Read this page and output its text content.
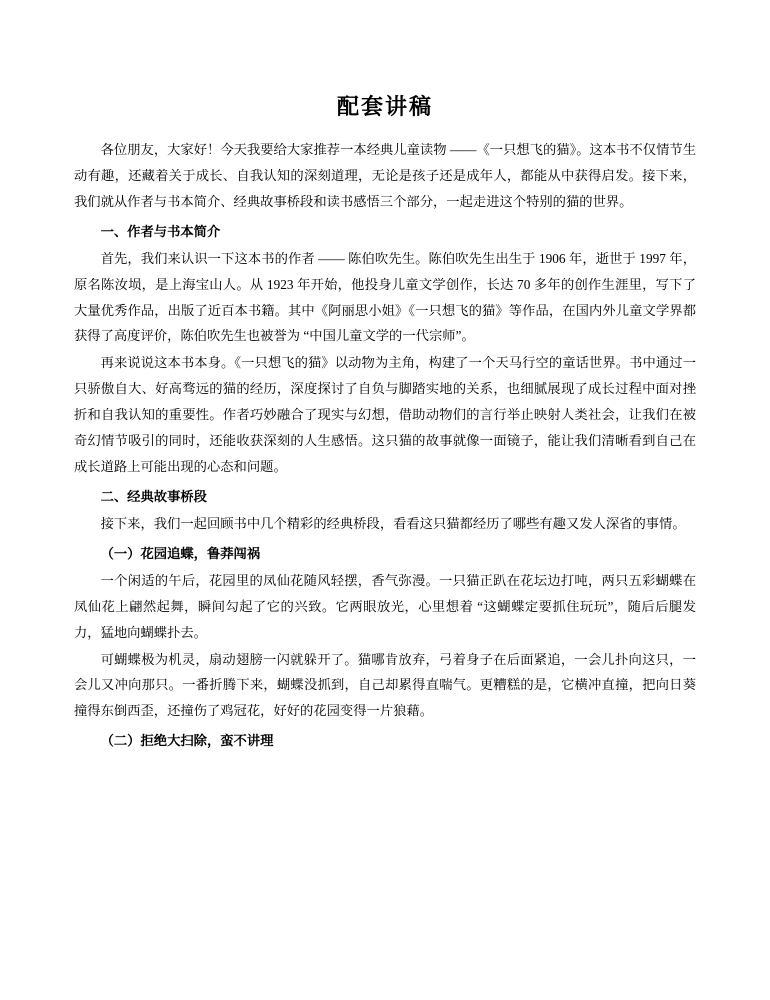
配套讲稿

各位朋友，大家好！今天我要给大家推荐一本经典儿童读物 ——《一只想飞的猫》。这本书不仅情节生动有趣，还藏着关于成长、自我认知的深刻道理，无论是孩子还是成年人，都能从中获得启发。接下来，我们就从作者与书本简介、经典故事桥段和读书感悟三个部分，一起走进这个特别的猫的世界。

一、作者与书本简介

首先，我们来认识一下这本书的作者 —— 陈伯吹先生。陈伯吹先生出生于 1906 年，逝世于 1997 年，原名陈汝埙，是上海宝山人。从 1923 年开始，他投身儿童文学创作，长达 70 多年的创作生涯里，写下了大量优秀作品，出版了近百本书籍。其中《阿丽思小姐》《一只想飞的猫》等作品，在国内外儿童文学界都获得了高度评价，陈伯吹先生也被誉为 “中国儿童文学的一代宗师”。

再来说说这本书本身。《一只想飞的猫》以动物为主角，构建了一个天马行空的童话世界。书中通过一只骄傲自大、好高骛远的猫的经历，深度探讨了自负与脚踏实地的关系，也细腻展现了成长过程中面对挫折和自我认知的重要性。作者巧妙融合了现实与幻想，借助动物们的言行举止映射人类社会，让我们在被奇幻情节吸引的同时，还能收获深刻的人生感悟。这只猫的故事就像一面镜子，能让我们清晰看到自己在成长道路上可能出现的心态和问题。

二、经典故事桥段

接下来，我们一起回顾书中几个精彩的经典桥段，看看这只猫都经历了哪些有趣又发人深省的事情。

（一）花园追蝶，鲁莽闯祸

一个闲适的午后，花园里的凤仙花随风轻摆，香气弥漫。一只猫正趴在花坛边打吨，两只五彩蝴蝶在凤仙花上翩然起舞，瞬间勾起了它的兴致。它两眼放光，心里想着 “这蝴蝶定要抓住玩玩”，随后后腿发力，猛地向蝴蝶扑去。

可蝴蝶极为机灵，扇动翅膀一闪就躲开了。猫哪肯放弃，弓着身子在后面紧追，一会儿扑向这只，一会儿又冲向那只。一番折腾下来，蝴蝶没抓到，自己却累得直喘气。更糟糕的是，它横冲直撞，把向日葵撞得东倒西歪，还撞伤了鸡冠花，好好的花园变得一片狼藉。

（二）拒绝大扫除，蛮不讲理
